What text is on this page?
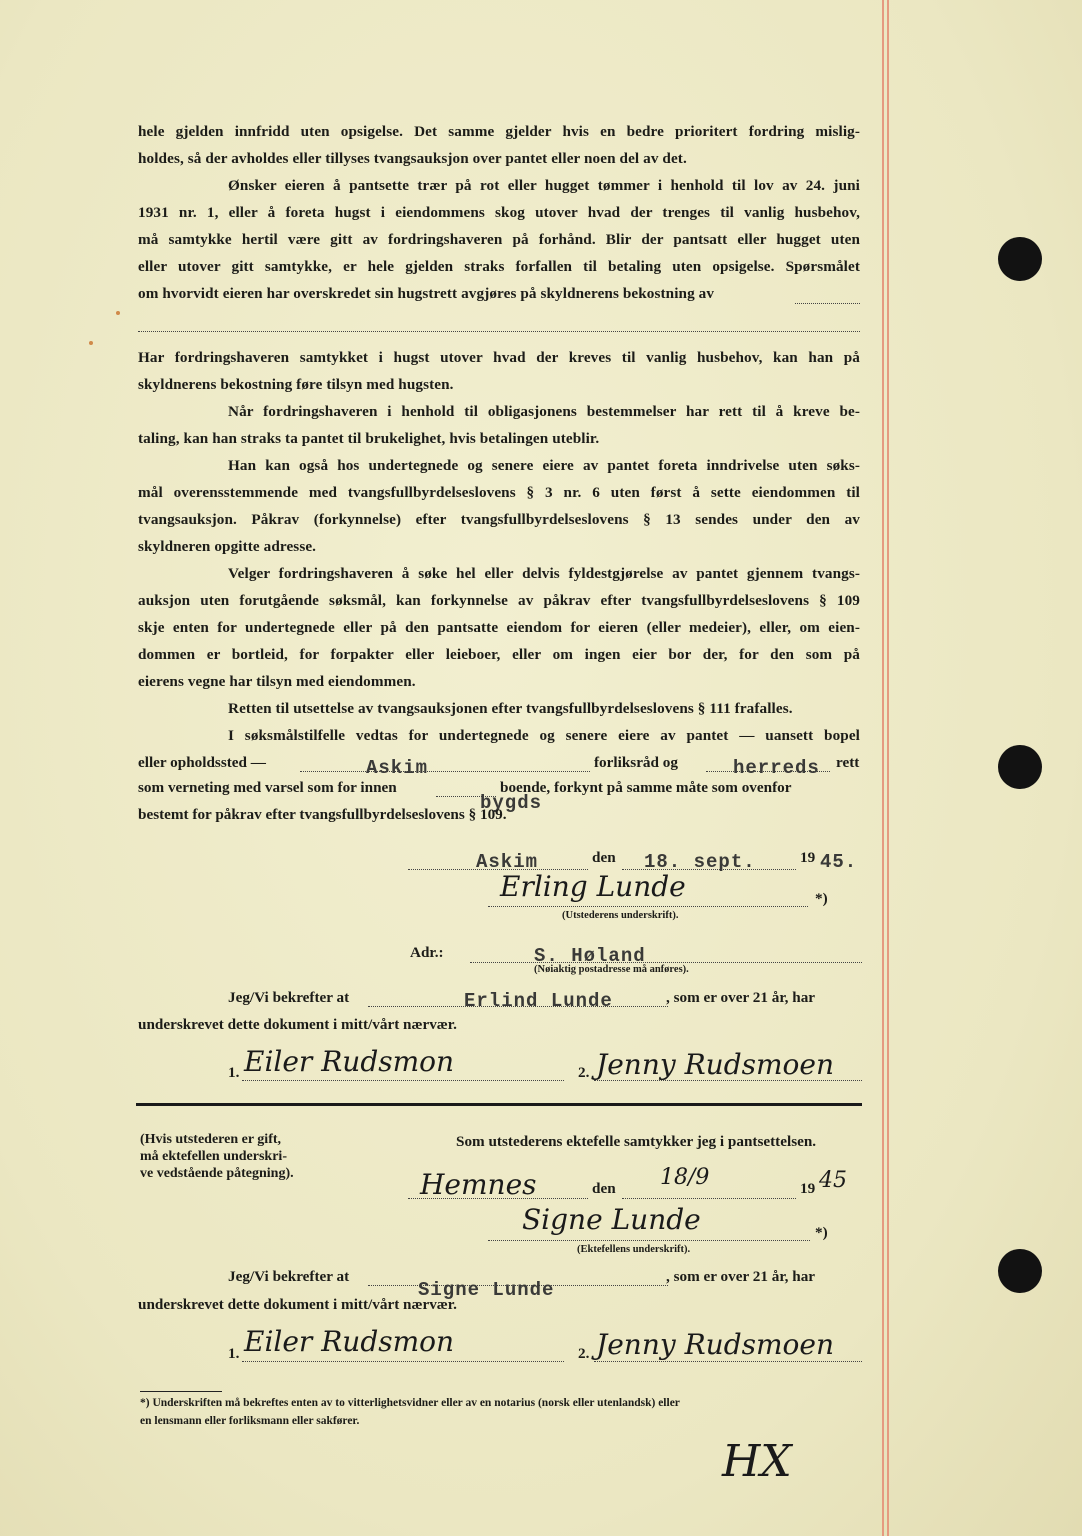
hele gjelden innfridd uten opsigelse. Det samme gjelder hvis en bedre prioritert fordring mislig-
holdes, så der avholdes eller tillyses tvangsauksjon over pantet eller noen del av det.
Ønsker eieren å pantsette trær på rot eller hugget tømmer i henhold til lov av 24. juni
1931 nr. 1, eller å foreta hugst i eiendommens skog utover hvad der trenges til vanlig husbehov,
må samtykke hertil være gitt av fordringshaveren på forhånd. Blir der pantsatt eller hugget uten
eller utover gitt samtykke, er hele gjelden straks forfallen til betaling uten opsigelse. Spørsmålet
om hvorvidt eieren har overskredet sin hugstrett avgjøres på skyldnerens bekostning av
Har fordringshaveren samtykket i hugst utover hvad der kreves til vanlig husbehov, kan han på
skyldnerens bekostning føre tilsyn med hugsten.
Når fordringshaveren i henhold til obligasjonens bestemmelser har rett til å kreve be-
taling, kan han straks ta pantet til brukelighet, hvis betalingen uteblir.
Han kan også hos undertegnede og senere eiere av pantet foreta inndrivelse uten søks-
mål overensstemmende med tvangsfullbyrdelseslovens § 3 nr. 6 uten først å sette eiendommen til
tvangsauksjon. Påkrav (forkynnelse) efter tvangsfullbyrdelseslovens § 13 sendes under den av
skyldneren opgitte adresse.
Velger fordringshaveren å søke hel eller delvis fyldestgjørelse av pantet gjennem tvangs-
auksjon uten forutgående søksmål, kan forkynnelse av påkrav efter tvangsfullbyrdelseslovens § 109
skje enten for undertegnede eller på den pantsatte eiendom for eieren (eller medeier), eller, om eien-
dommen er bortleid, for forpakter eller leieboer, eller om ingen eier bor der, for den som på
eierens vegne har tilsyn med eiendommen.
Retten til utsettelse av tvangsauksjonen efter tvangsfullbyrdelseslovens § 111 frafalles.
I søksmålstilfelle vedtas for undertegnede og senere eiere av pantet — uansett bopel
eller opholdssted —	Askim	forliksråd og	herreds rett
som verneting med varsel som for innen	boende, forkynt på samme måte som ovenfor
bygds
bestemt for påkrav efter tvangsfullbyrdelseslovens § 109.
Askim	den 18. sept.	19 45.
Erling Lunde	*)
(Utstederens underskrift).
Adr.:	S. Høland
(Nøiaktig postadresse må anføres).
Jeg/Vi bekrefter at	Erlind Lunde	, som er over 21 år, har
underskrevet dette dokument i mitt/vårt nærvær.
1. Eiler Rudsmon	2. Jenny Rudsmoen
(Hvis utstederen er gift,
må ektefellen underskri-
ve vedstående påtegning).
Som utstederens ektefelle samtykker jeg i pantsettelsen.
Hemnes	den 18/9	19 45
Signe Lunde	*)
(Ektefellens underskrift).
Jeg/Vi bekrefter at
Signe Lunde
, som er over 21 år, har
underskrevet dette dokument i mitt/vårt nærvær.
1. Eiler Rudsmon	2. Jenny Rudsmoen
*) Underskriften må bekreftes enten av to vitterlighetsvidner eller av en notarius (norsk eller utenlandsk) eller
en lensmann eller forliksmann eller sakfører.
HX
